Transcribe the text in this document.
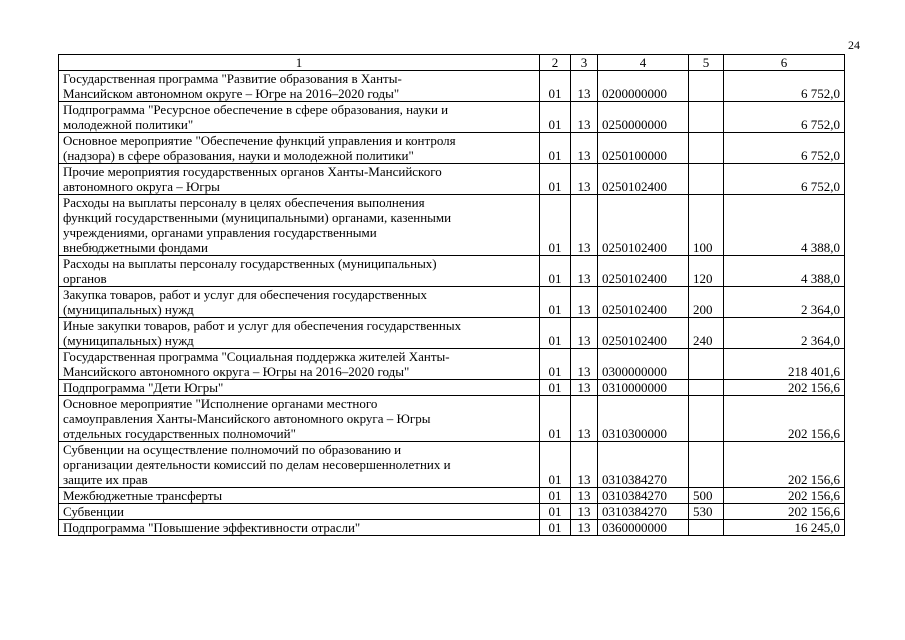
24
1	2	3	4	5	6
Государственная программа "Развитие образования в Ханты-
Мансийском автономном округе – Югре на 2016–2020 годы"	01	13	0200000000		6 752,0
Подпрограмма "Ресурсное обеспечение в сфере образования, науки и
молодежной политики"	01	13	0250000000		6 752,0
Основное мероприятие "Обеспечение функций управления и контроля
(надзора) в сфере образования, науки и молодежной политики"	01	13	0250100000		6 752,0
Прочие мероприятия государственных органов Ханты-Мансийского
автономного округа – Югры	01	13	0250102400		6 752,0
Расходы на выплаты персоналу в целях обеспечения выполнения
функций государственными (муниципальными) органами, казенными
учреждениями, органами управления государственными
внебюджетными фондами	01	13	0250102400	100	4 388,0
Расходы на выплаты персоналу государственных (муниципальных)
органов	01	13	0250102400	120	4 388,0
Закупка товаров, работ и услуг для обеспечения государственных
(муниципальных) нужд	01	13	0250102400	200	2 364,0
Иные закупки товаров, работ и услуг для обеспечения государственных
(муниципальных) нужд	01	13	0250102400	240	2 364,0
Государственная программа "Социальная поддержка жителей Ханты-
Мансийского автономного округа – Югры на 2016–2020 годы"	01	13	0300000000		218 401,6
Подпрограмма "Дети Югры"	01	13	0310000000		202 156,6
Основное мероприятие "Исполнение органами местного
самоуправления Ханты-Мансийского автономного округа – Югры
отдельных государственных полномочий"	01	13	0310300000		202 156,6
Субвенции на осуществление полномочий по образованию и
организации деятельности комиссий по делам несовершеннолетних и
защите их прав	01	13	0310384270		202 156,6
Межбюджетные трансферты	01	13	0310384270	500	202 156,6
Субвенции	01	13	0310384270	530	202 156,6
Подпрограмма "Повышение эффективности отрасли"	01	13	0360000000		16 245,0
